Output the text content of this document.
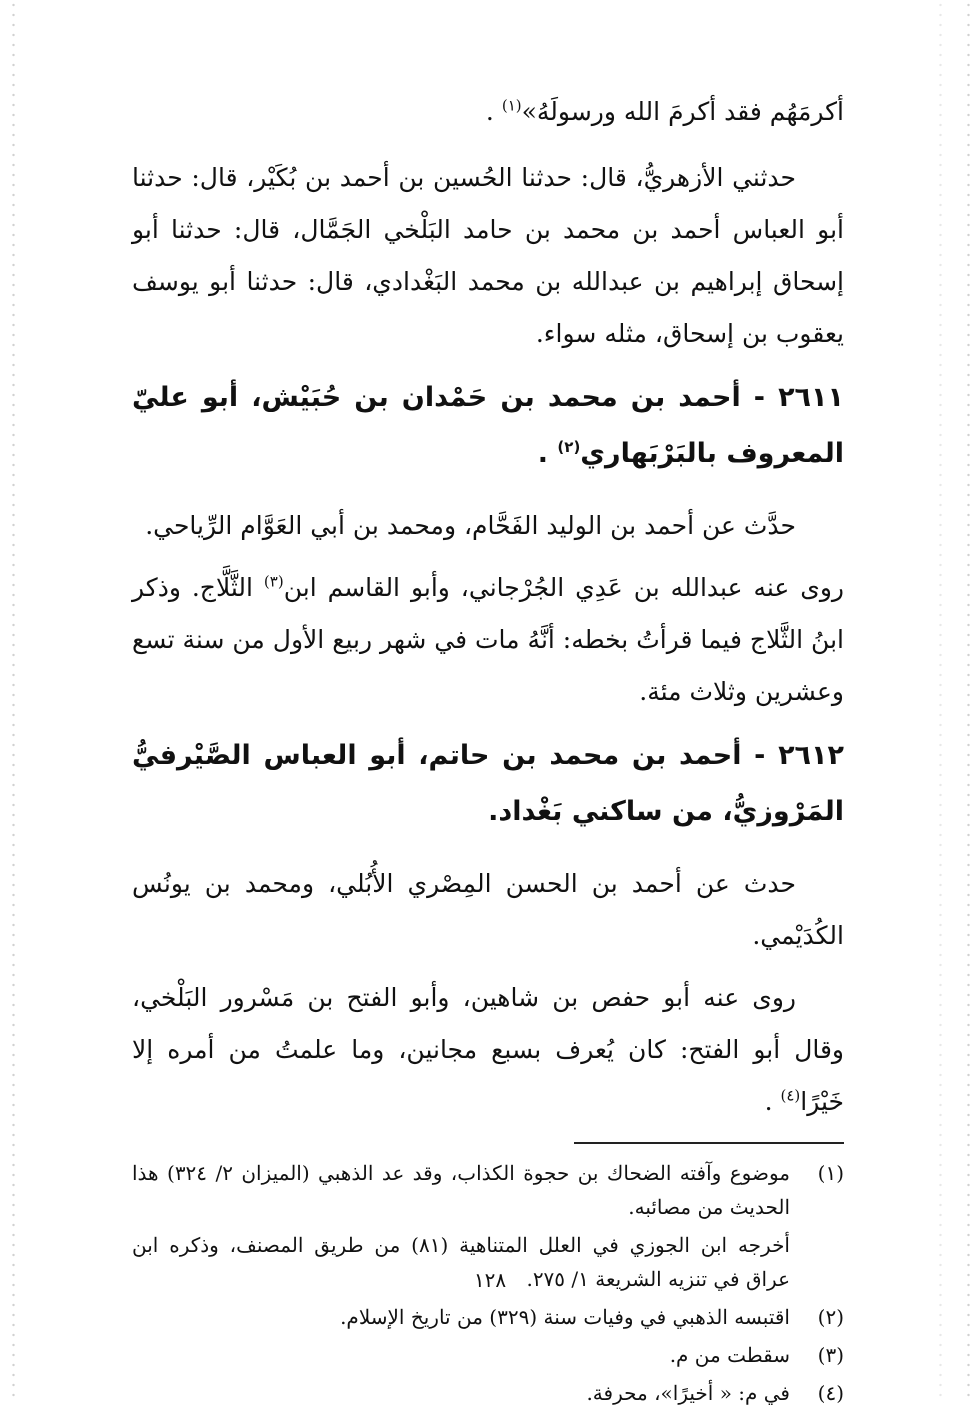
أكرمَهُم فقد أكرمَ الله ورسولَهُ»$^{(١)}$ .

حدثني الأزهريُّ، قال: حدثنا الحُسين بن أحمد بن بُكَيْر، قال: حدثنا أبو العباس أحمد بن محمد بن حامد البَلْخي الجَمَّال، قال: حدثنا أبو إسحاق إبراهيم بن عبدالله بن محمد البَغْدادي، قال: حدثنا أبو يوسف يعقوب بن إسحاق، مثله سواء.

٢٦١١ - أحمد بن محمد بن حَمْدان بن حُبَيْش، أبو عليّ المعروف بالبَرْبَهاري$^{(٢)}$ .

حدَّث عن أحمد بن الوليد الفَحَّام، ومحمد بن أبي العَوَّام الرِّياحي.

روى عنه عبدالله بن عَدِي الجُرْجاني، وأبو القاسم ابن$^{(٣)}$ الثَّلَّاج. وذكر ابنُ الثَّلاج فيما قرأتُ بخطه: أنَّهُ مات في شهر ربيع الأول من سنة تسع وعشرين وثلاث مئة.

٢٦١٢ - أحمد بن محمد بن حاتم، أبو العباس الصَّيْرفيُّ المَرْوزيُّ، من ساكني بَغْداد.

حدث عن أحمد بن الحسن المِصْري الأُبُلي، ومحمد بن يونُس الكُدَيْمي.

روى عنه أبو حفص بن شاهين، وأبو الفتح بن مَسْرور البَلْخي، وقال أبو الفتح: كان يُعرف بسبع مجانين، وما علمتُ من أمره إلا خَيْرًا$^{(٤)}$ .

(١)
موضوع وآفته الضحاك بن حجوة الكذاب، وقد عد الذهبي (الميزان ٢/ ٣٢٤) هذا الحديث من مصائبه.
أخرجه ابن الجوزي في العلل المتناهية (٨١) من طريق المصنف، وذكره ابن عراق في تنزيه الشريعة ١/ ٢٧٥.
(٢)
اقتبسه الذهبي في وفيات سنة (٣٢٩) من تاريخ الإسلام.
(٣)
سقطت من م.
(٤)
في م: « أخيرًا»، محرفة.
١٢٨
